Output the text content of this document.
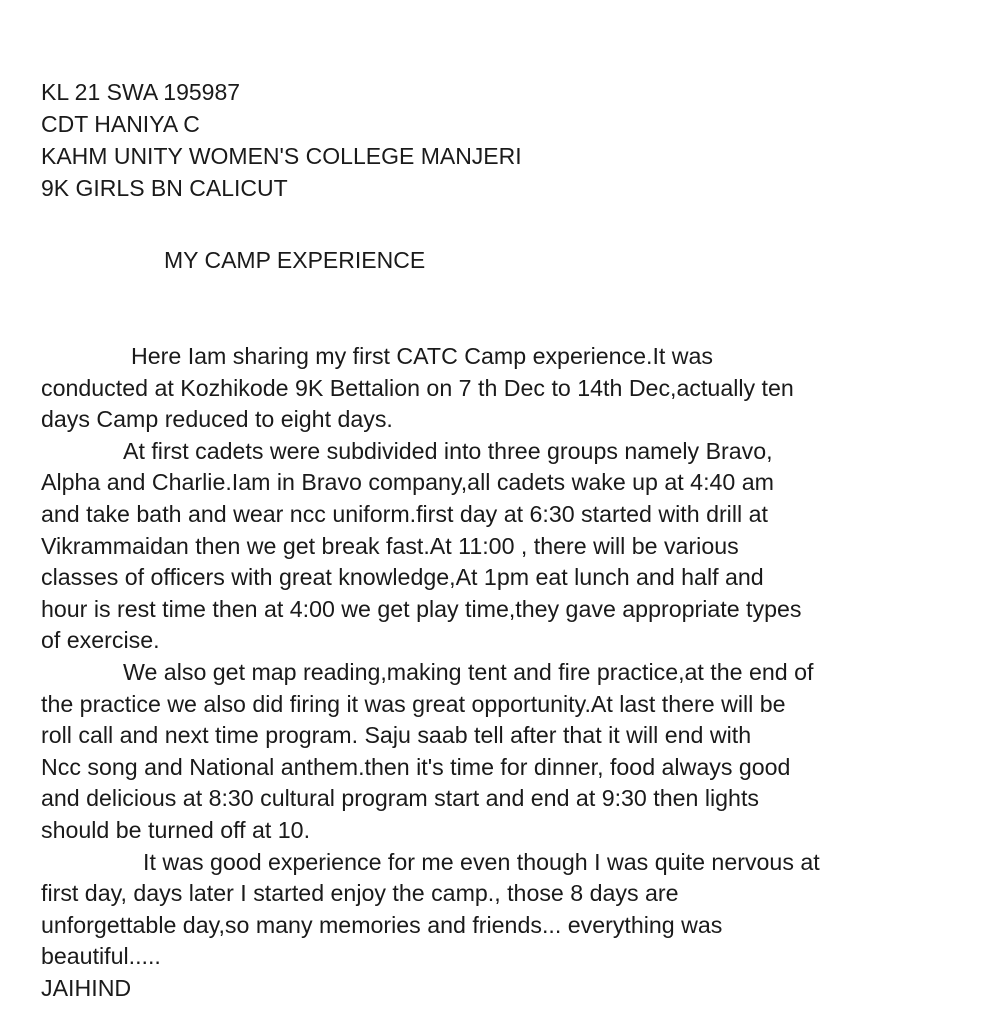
KL 21 SWA 195987
CDT HANIYA C
KAHM UNITY WOMEN'S COLLEGE MANJERI
9K GIRLS BN CALICUT
MY CAMP EXPERIENCE
Here Iam sharing my first CATC Camp experience.It was
conducted at Kozhikode 9K Bettalion on 7 th Dec to 14th Dec,actually ten
days Camp reduced to eight days.
At first cadets were subdivided into three groups namely Bravo,
Alpha and Charlie.Iam in Bravo company,all cadets wake up at 4:40 am
and take bath and wear ncc uniform.first day at 6:30 started with drill at
Vikrammaidan then we get break fast.At 11:00 , there will be various
classes of officers with great knowledge,At 1pm eat lunch and half and
hour is rest time then at 4:00 we get play time,they gave appropriate types
of exercise.
We also get map reading,making tent and fire practice,at the end of
the practice we also did firing it was great opportunity.At last there will be
roll call and next time program. Saju saab tell after that it will end with
Ncc song and National anthem.then it's time for dinner, food always good
and delicious at 8:30 cultural program start and end at 9:30 then lights
should be turned off at 10.
It was good experience for me even though I was quite nervous at
first day, days later I started enjoy the camp., those 8 days are
unforgettable day,so many memories and friends... everything was
beautiful.....
JAIHIND
